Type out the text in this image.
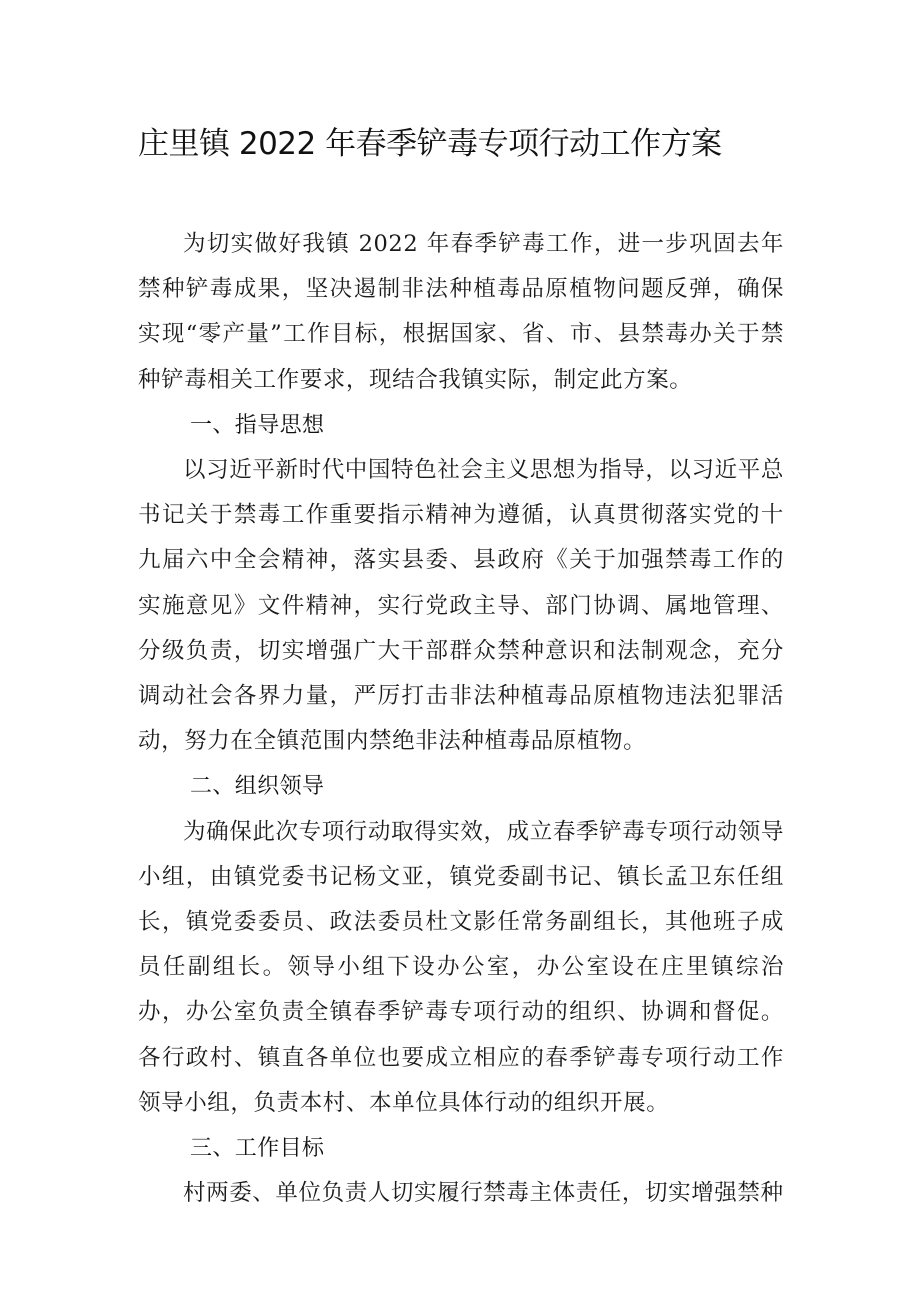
庄里镇 2022 年春季铲毒专项行动工作方案

为切实做好我镇 2022 年春季铲毒工作，进一步巩固去年禁种铲毒成果，坚决遏制非法种植毒品原植物问题反弹，确保实现“零产量”工作目标，根据国家、省、市、县禁毒办关于禁种铲毒相关工作要求，现结合我镇实际，制定此方案。

一、指导思想

以习近平新时代中国特色社会主义思想为指导，以习近平总书记关于禁毒工作重要指示精神为遵循，认真贯彻落实党的十九届六中全会精神，落实县委、县政府《关于加强禁毒工作的实施意见》文件精神，实行党政主导、部门协调、属地管理、分级负责，切实增强广大干部群众禁种意识和法制观念，充分调动社会各界力量，严厉打击非法种植毒品原植物违法犯罪活动，努力在全镇范围内禁绝非法种植毒品原植物。

二、组织领导

为确保此次专项行动取得实效，成立春季铲毒专项行动领导小组，由镇党委书记杨文亚，镇党委副书记、镇长孟卫东任组长，镇党委委员、政法委员杜文影任常务副组长，其他班子成员任副组长。领导小组下设办公室，办公室设在庄里镇综治办，办公室负责全镇春季铲毒专项行动的组织、协调和督促。各行政村、镇直各单位也要成立相应的春季铲毒专项行动工作领导小组，负责本村、本单位具体行动的组织开展。

三、工作目标

村两委、单位负责人切实履行禁毒主体责任，切实增强禁种
